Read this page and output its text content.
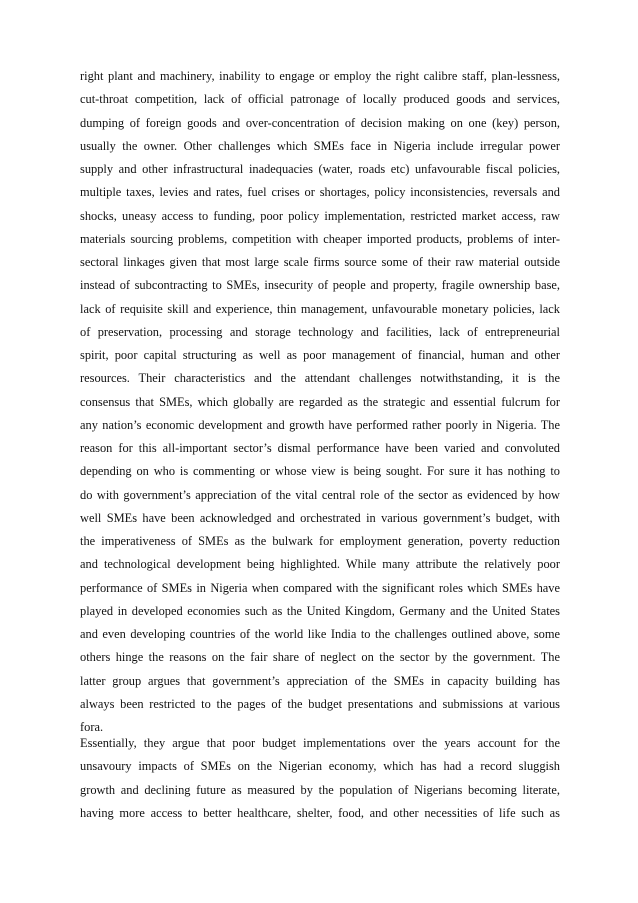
right plant and machinery, inability to engage or employ the right calibre staff, plan-lessness,
cut-throat competition, lack of official patronage of locally produced goods and services,
dumping of foreign goods and over-concentration of decision making on one (key) person,
usually the owner. Other challenges which SMEs face in Nigeria include irregular power
supply and other infrastructural inadequacies (water, roads etc) unfavourable fiscal policies,
multiple taxes, levies and rates, fuel crises or shortages, policy inconsistencies, reversals and
shocks, uneasy access to funding, poor policy implementation, restricted market access, raw
materials sourcing problems, competition with cheaper imported products, problems of inter-
sectoral linkages given that most large scale firms source some of their raw material outside
instead of subcontracting to SMEs, insecurity of people and property, fragile ownership base,
lack of requisite skill and experience, thin management, unfavourable monetary policies, lack
of preservation, processing and storage technology and facilities, lack of entrepreneurial
spirit, poor capital structuring as well as poor management of financial, human and other
resources. Their characteristics and the attendant challenges notwithstanding, it is the
consensus that SMEs, which globally are regarded as the strategic and essential fulcrum for
any nation’s economic development and growth have performed rather poorly in Nigeria. The
reason for this all-important sector’s dismal performance have been varied and convoluted
depending on who is commenting or whose view is being sought. For sure it has nothing to
do with government’s appreciation of the vital central role of the sector as evidenced by how
well SMEs have been acknowledged and orchestrated in various government’s budget, with
the imperativeness of SMEs as the bulwark for employment generation, poverty reduction
and technological development being highlighted. While many attribute the relatively poor
performance of SMEs in Nigeria when compared with the significant roles which SMEs have
played in developed economies such as the United Kingdom, Germany and the United States
and even developing countries of the world like India to the challenges outlined above, some
others hinge the reasons on the fair share of neglect on the sector by the government. The
latter group argues that government’s appreciation of the SMEs in capacity building has
always been restricted to the pages of the budget presentations and submissions at various
fora.

Essentially, they argue that poor budget implementations over the years account for the
unsavoury impacts of SMEs on the Nigerian economy, which has had a record sluggish
growth and declining future as measured by the population of Nigerians becoming literate,
having more access to better healthcare, shelter, food, and other necessities of life such as
